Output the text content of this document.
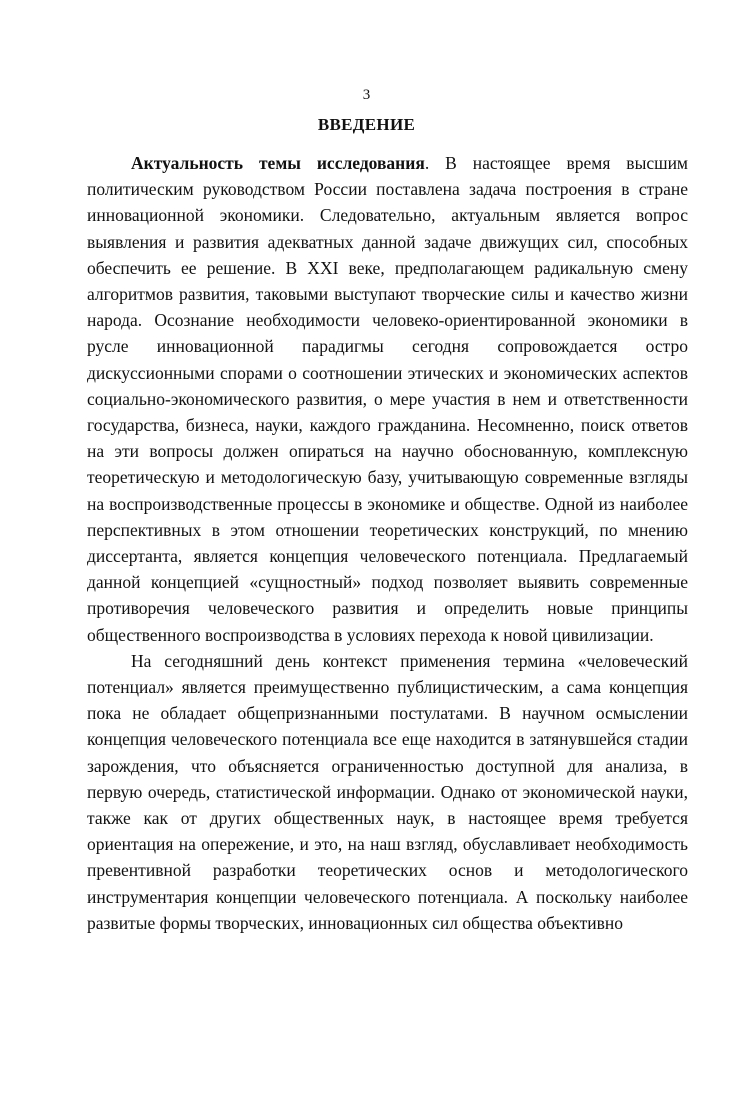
3
ВВЕДЕНИЕ

Актуальность темы исследования. В настоящее время высшим политическим руководством России поставлена задача построения в стране инновационной экономики. Следовательно, актуальным является вопрос выявления и развития адекватных данной задаче движущих сил, способных обеспечить ее решение. В XXI веке, предполагающем радикальную смену алгоритмов развития, таковыми выступают творческие силы и качество жизни народа. Осознание необходимости человеко-ориентированной экономики в русле инновационной парадигмы сегодня сопровождается остро дискуссионными спорами о соотношении этических и экономических аспектов социально-экономического развития, о мере участия в нем и ответственности государства, бизнеса, науки, каждого гражданина. Несомненно, поиск ответов на эти вопросы должен опираться на научно обоснованную, комплексную теоретическую и методологическую базу, учитывающую современные взгляды на воспроизводственные процессы в экономике и обществе. Одной из наиболее перспективных в этом отношении теоретических конструкций, по мнению диссертанта, является концепция человеческого потенциала. Предлагаемый данной концепцией «сущностный» подход позволяет выявить современные противоречия человеческого развития и определить новые принципы общественного воспроизводства в условиях перехода к новой цивилизации.

На сегодняшний день контекст применения термина «человеческий потенциал» является преимущественно публицистическим, а сама концепция пока не обладает общепризнанными постулатами. В научном осмыслении концепция человеческого потенциала все еще находится в затянувшейся стадии зарождения, что объясняется ограниченностью доступной для анализа, в первую очередь, статистической информации. Однако от экономической науки, также как от других общественных наук, в настоящее время требуется ориентация на опережение, и это, на наш взгляд, обуславливает необходимость превентивной разработки теоретических основ и методологического инструментария концепции человеческого потенциала. А поскольку наиболее развитые формы творческих, инновационных сил общества объективно
